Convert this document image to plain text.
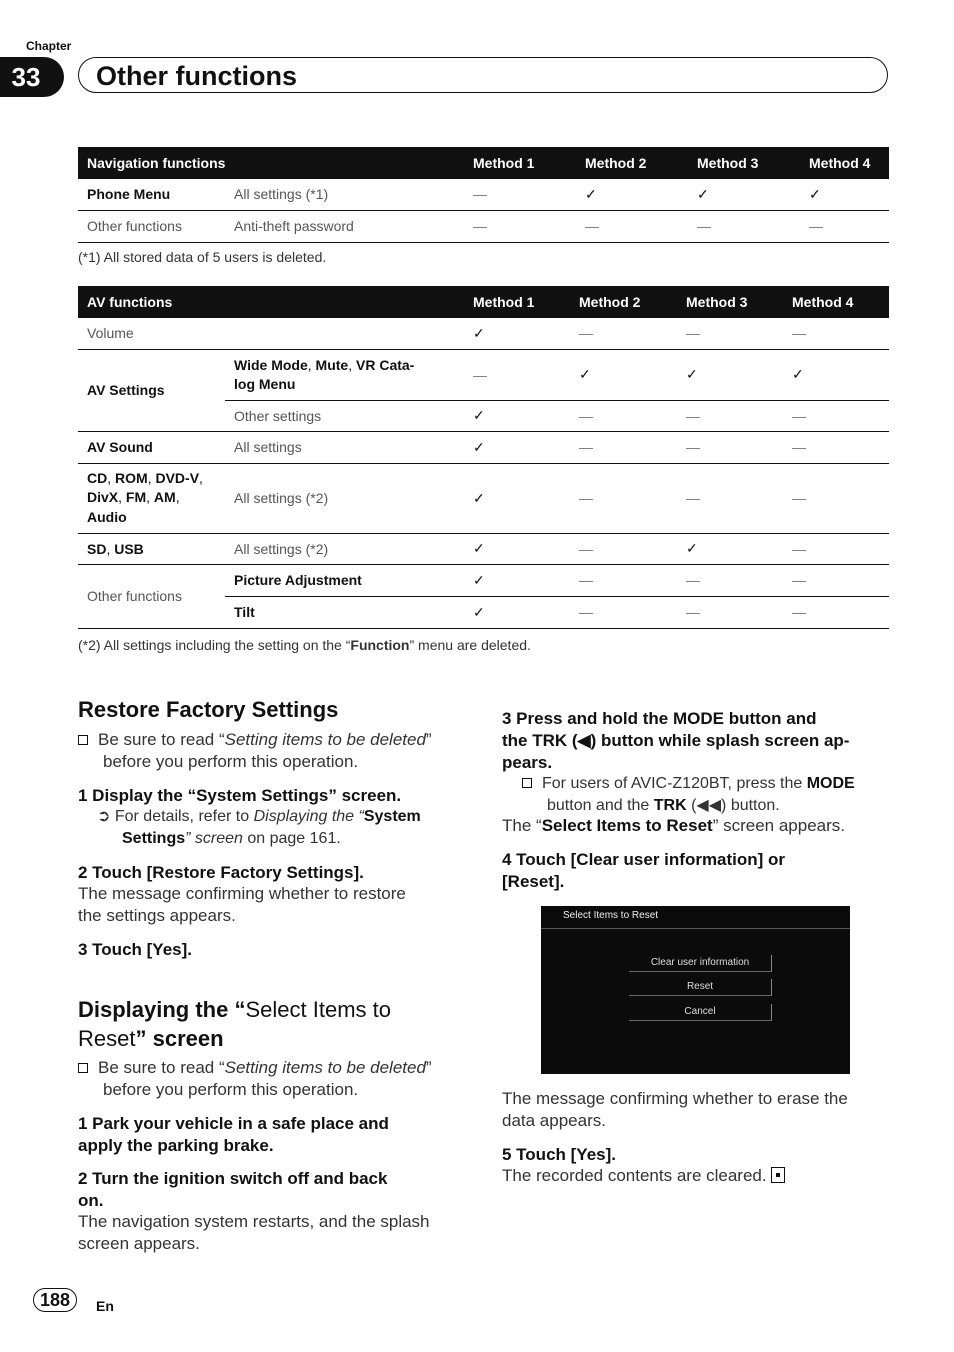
Chapter
33	Other functions
Navigation functions		Method 1	Method 2	Method 3	Method 4
Phone Menu	All settings (*1)	—	✓	✓	✓
Other functions	Anti-theft password	—	—	—	—
(*1) All stored data of 5 users is deleted.
AV functions		Method 1	Method 2	Method 3	Method 4
Volume		✓	—	—	—
AV Settings	Wide Mode, Mute, VR Cata-
log Menu	—	✓	✓	✓
	Other settings	✓	—	—	—
AV Sound	All settings	✓	—	—	—
CD, ROM, DVD-V,
DivX, FM, AM,
Audio	All settings (*2)	✓	—	—	—
SD, USB	All settings (*2)	✓	—	✓	—
Other functions	Picture Adjustment	✓	—	—	—
	Tilt	✓	—	—	—
(*2) All settings including the setting on the “Function” menu are deleted.
Restore Factory Settings
Be sure to read “Setting items to be deleted”
before you perform this operation.
1 Display the “System Settings” screen.
➲ For details, refer to Displaying the “System
Settings” screen on page 161.
2 Touch [Restore Factory Settings].
The message confirming whether to restore
the settings appears.
3 Touch [Yes].
Displaying the “Select Items to
Reset” screen
Be sure to read “Setting items to be deleted”
before you perform this operation.
1 Park your vehicle in a safe place and
apply the parking brake.
2 Turn the ignition switch off and back
on.
The navigation system restarts, and the splash
screen appears.
3 Press and hold the MODE button and
the TRK (◀) button while splash screen ap-
pears.
For users of AVIC-Z120BT, press the MODE
button and the TRK (◀◀) button.
The “Select Items to Reset” screen appears.
4 Touch [Clear user information] or
[Reset].
Select Items to Reset
Clear user information
Reset
Cancel
The message confirming whether to erase the
data appears.
5 Touch [Yes].
The recorded contents are cleared.
188	En
